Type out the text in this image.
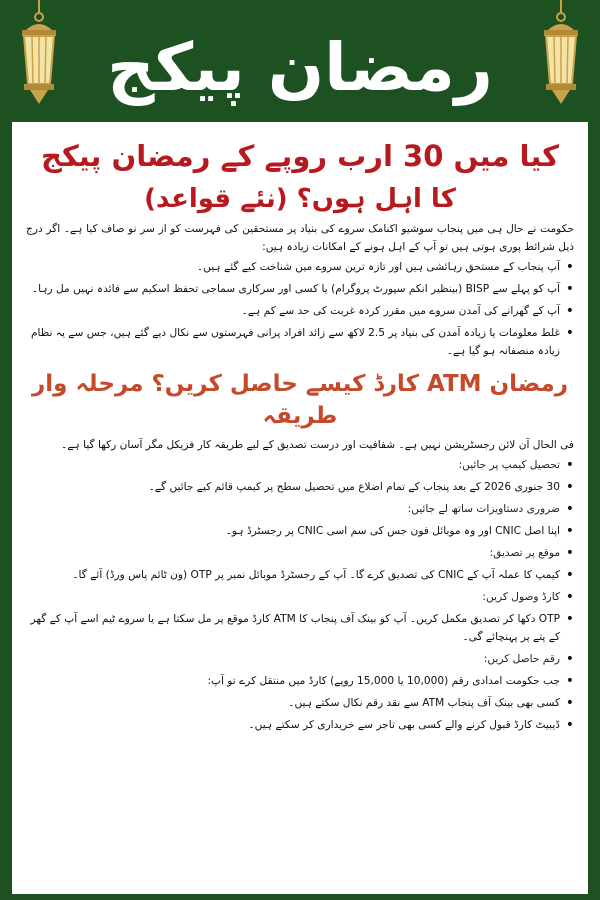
رمضان پیکج
کیا میں 30 ارب روپے کے رمضان پیکج
کا اہل ہوں؟ (نئے قواعد)
حکومت نے حال ہی میں پنجاب سوشیو اکنامک سروے کی بنیاد پر مستحقین کی فہرست کو از سر نو صاف کیا ہے۔ اگر درج ذیل شرائط پوری ہوتی ہیں تو آپ کے اہل ہونے کے امکانات زیادہ ہیں:
• آپ پنجاب کے مستحق رہائشی ہیں اور تازہ ترین سروے میں شناخت کیے گئے ہیں۔
• آپ کو پہلے سے BISP (بینظیر انکم سپورٹ پروگرام) یا کسی اور سرکاری سماجی تحفظ اسکیم سے فائدہ نہیں مل رہا۔
• آپ کے گھرانے کی آمدن سروے میں مقرر کردہ غربت کی حد سے کم ہے۔
• غلط معلومات یا زیادہ آمدن کی بنیاد پر 2.5 لاکھ سے زائد افراد پرانی فہرستوں سے نکال دیے گئے ہیں، جس سے یہ نظام زیادہ منصفانہ ہو گیا ہے۔
رمضان ATM کارڈ کیسے حاصل کریں؟ مرحلہ وار طریقہ
فی الحال آن لائن رجسٹریشن نہیں ہے۔ شفافیت اور درست تصدیق کے لیے طریقہ کار فزیکل مگر آسان رکھا گیا ہے۔
• تحصیل کیمپ پر جائیں:
• 30 جنوری 2026 کے بعد پنجاب کے تمام اضلاع میں تحصیل سطح پر کیمپ قائم کیے جائیں گے۔
• ضروری دستاویزات ساتھ لے جائیں:
• اپنا اصل CNIC اور وہ موبائل فون جس کی سم اسی CNIC پر رجسٹرڈ ہو۔
• موقع پر تصدیق:
• کیمپ کا عملہ آپ کے CNIC کی تصدیق کرے گا۔ آپ کے رجسٹرڈ موبائل نمبر پر OTP (ون ٹائم پاس ورڈ) آئے گا۔
• کارڈ وصول کریں:
• OTP دکھا کر تصدیق مکمل کریں۔ آپ کو بینک آف پنجاب کا ATM کارڈ موقع پر مل سکتا ہے یا سروے ٹیم اسے آپ کے گھر کے پتے پر پہنچائے گی۔
• رقم حاصل کریں:
• جب حکومت امدادی رقم (10,000 یا 15,000 روپے) کارڈ میں منتقل کرے تو آپ:
• کسی بھی بینک آف پنجاب ATM سے نقد رقم نکال سکتے ہیں۔
• ڈیبیٹ کارڈ قبول کرنے والے کسی بھی تاجر سے خریداری کر سکتے ہیں۔
